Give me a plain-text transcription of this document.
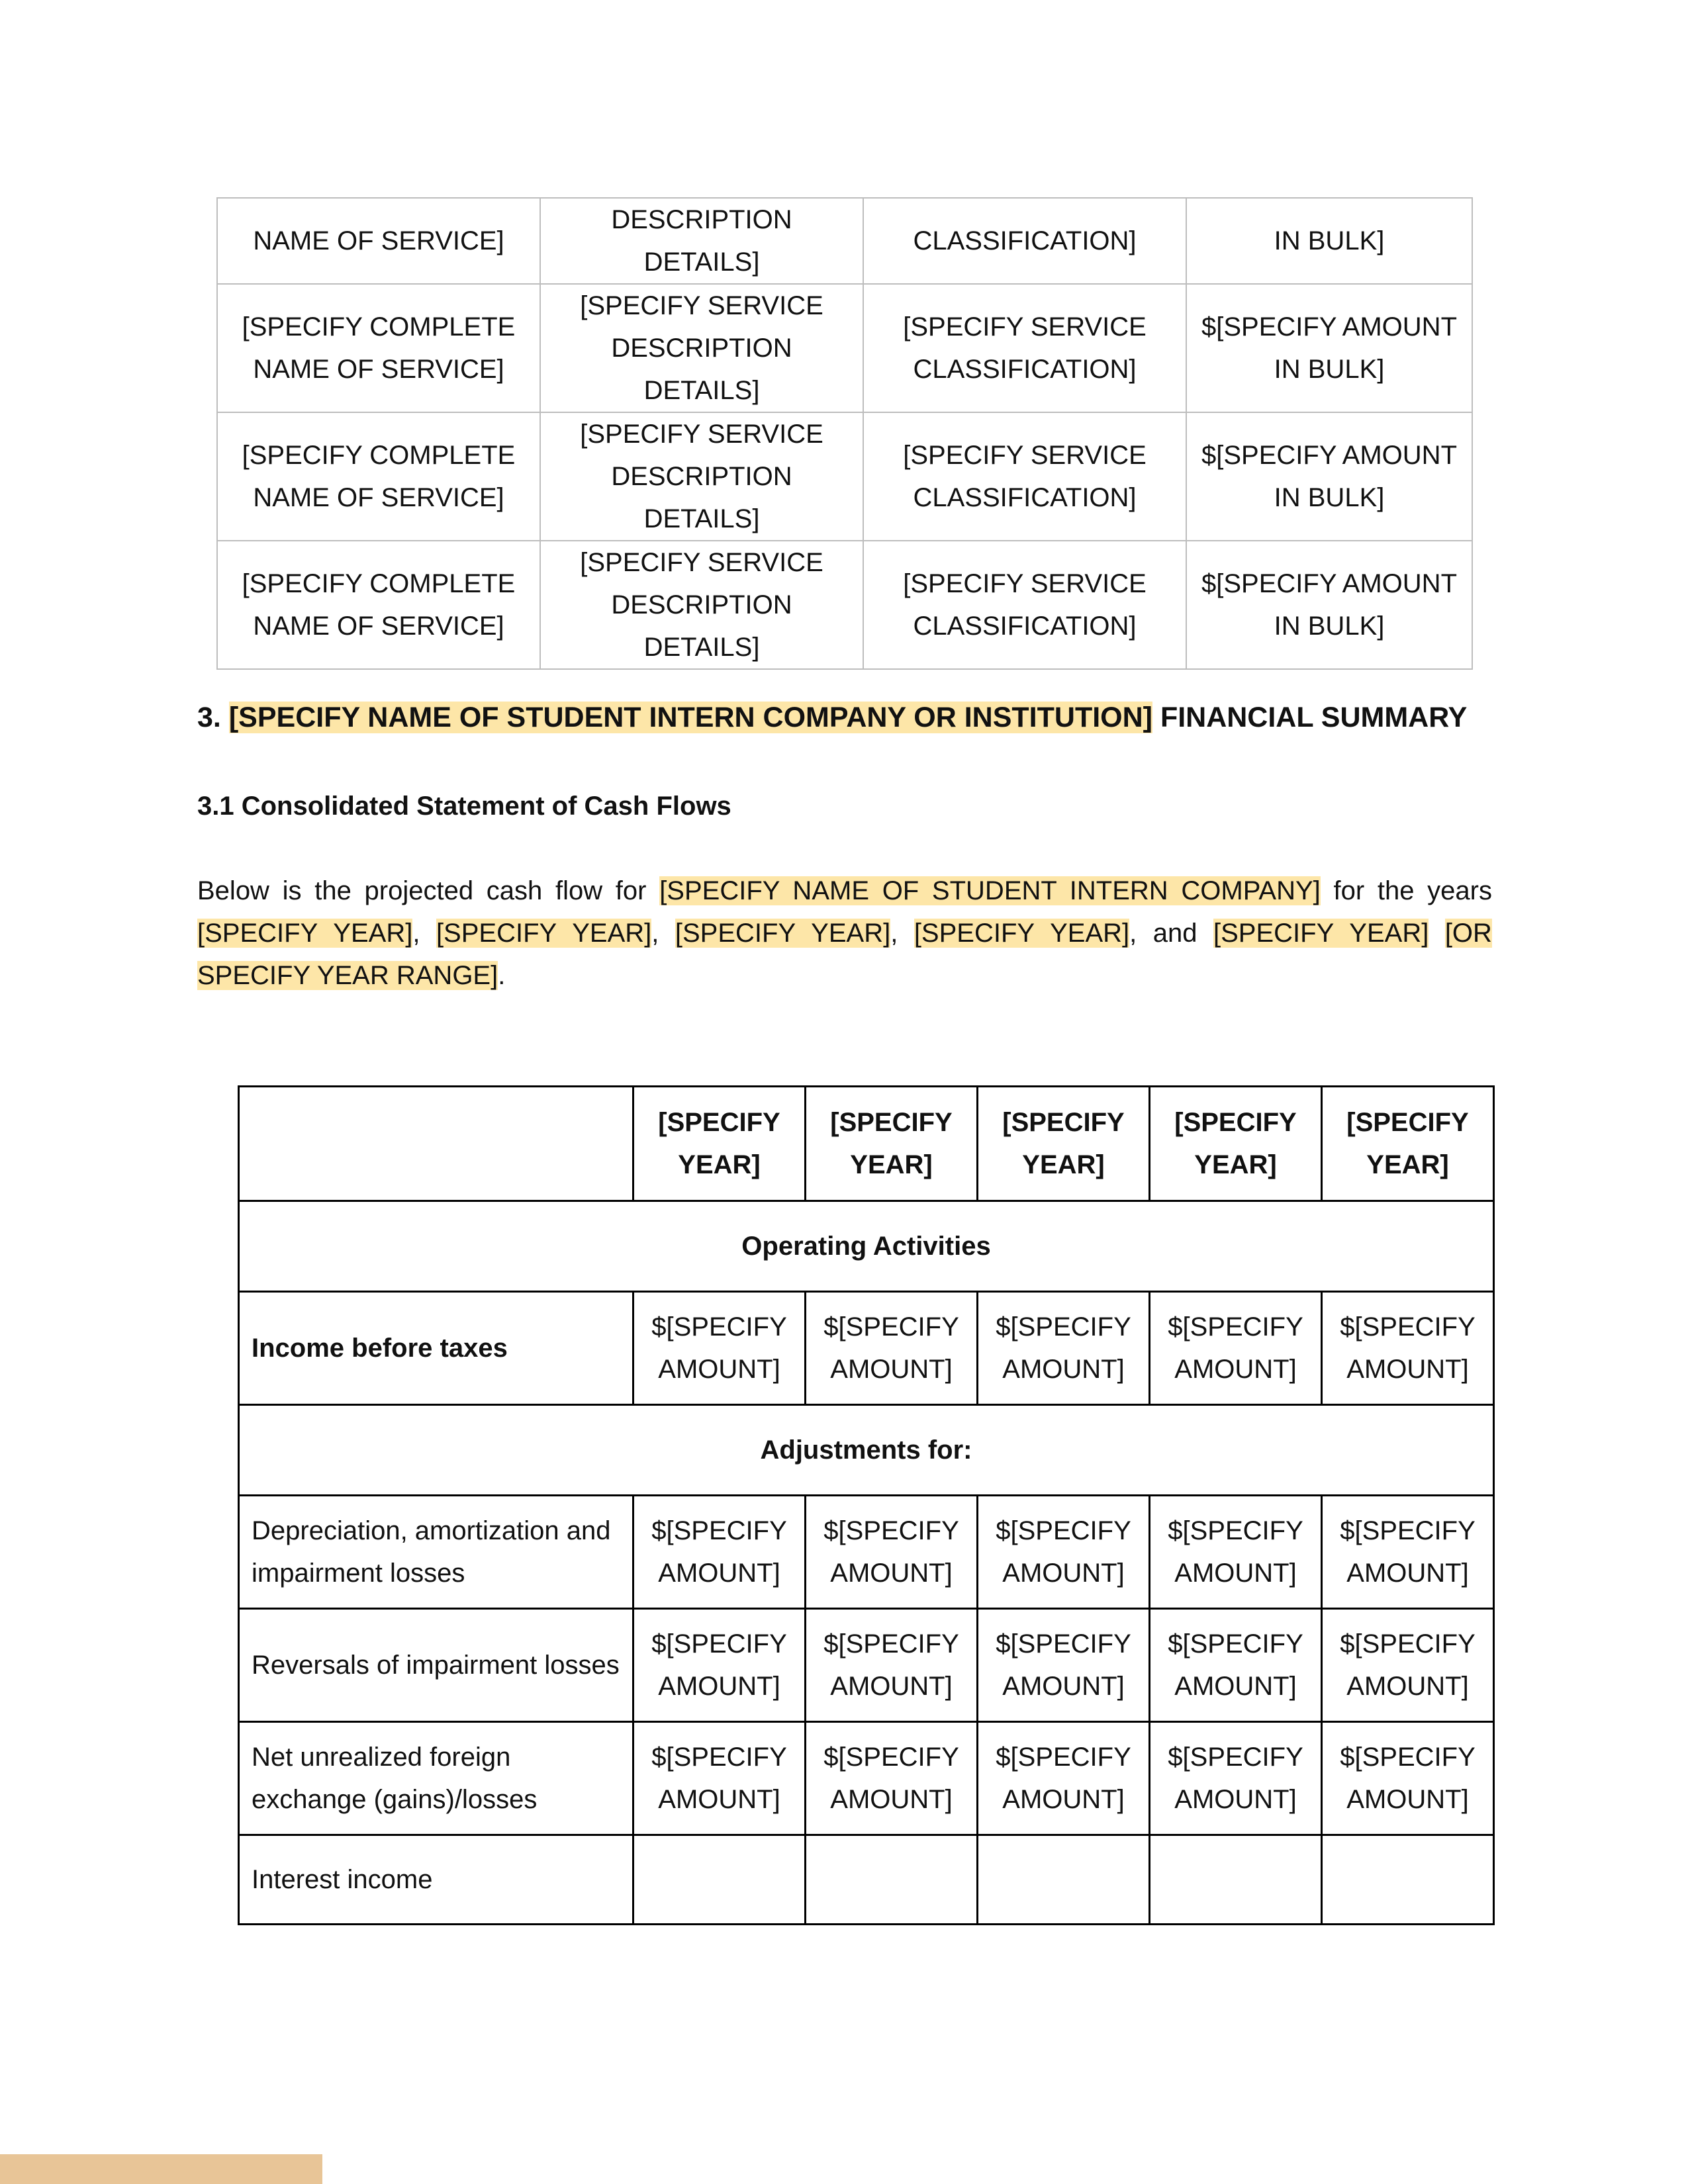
NAME OF SERVICE]	DESCRIPTION DETAILS]	CLASSIFICATION]	IN BULK]
[SPECIFY COMPLETE NAME OF SERVICE]	[SPECIFY SERVICE DESCRIPTION DETAILS]	[SPECIFY SERVICE CLASSIFICATION]	$[SPECIFY AMOUNT IN BULK]
[SPECIFY COMPLETE NAME OF SERVICE]	[SPECIFY SERVICE DESCRIPTION DETAILS]	[SPECIFY SERVICE CLASSIFICATION]	$[SPECIFY AMOUNT IN BULK]
[SPECIFY COMPLETE NAME OF SERVICE]	[SPECIFY SERVICE DESCRIPTION DETAILS]	[SPECIFY SERVICE CLASSIFICATION]	$[SPECIFY AMOUNT IN BULK]
3. [SPECIFY NAME OF STUDENT INTERN COMPANY OR INSTITUTION] FINANCIAL SUMMARY
3.1 Consolidated Statement of Cash Flows
Below is the projected cash flow for [SPECIFY NAME OF STUDENT INTERN COMPANY] for the years [SPECIFY YEAR], [SPECIFY YEAR], [SPECIFY YEAR], [SPECIFY YEAR], and [SPECIFY YEAR] [OR SPECIFY YEAR RANGE].
	[SPECIFY YEAR]	[SPECIFY YEAR]	[SPECIFY YEAR]	[SPECIFY YEAR]	[SPECIFY YEAR]
Operating Activities					
Income before taxes	$[SPECIFY AMOUNT]	$[SPECIFY AMOUNT]	$[SPECIFY AMOUNT]	$[SPECIFY AMOUNT]	$[SPECIFY AMOUNT]
Adjustments for:					
Depreciation, amortization and impairment losses	$[SPECIFY AMOUNT]	$[SPECIFY AMOUNT]	$[SPECIFY AMOUNT]	$[SPECIFY AMOUNT]	$[SPECIFY AMOUNT]
Reversals of impairment losses	$[SPECIFY AMOUNT]	$[SPECIFY AMOUNT]	$[SPECIFY AMOUNT]	$[SPECIFY AMOUNT]	$[SPECIFY AMOUNT]
Net unrealized foreign exchange (gains)/losses	$[SPECIFY AMOUNT]	$[SPECIFY AMOUNT]	$[SPECIFY AMOUNT]	$[SPECIFY AMOUNT]	$[SPECIFY AMOUNT]
Interest income					
